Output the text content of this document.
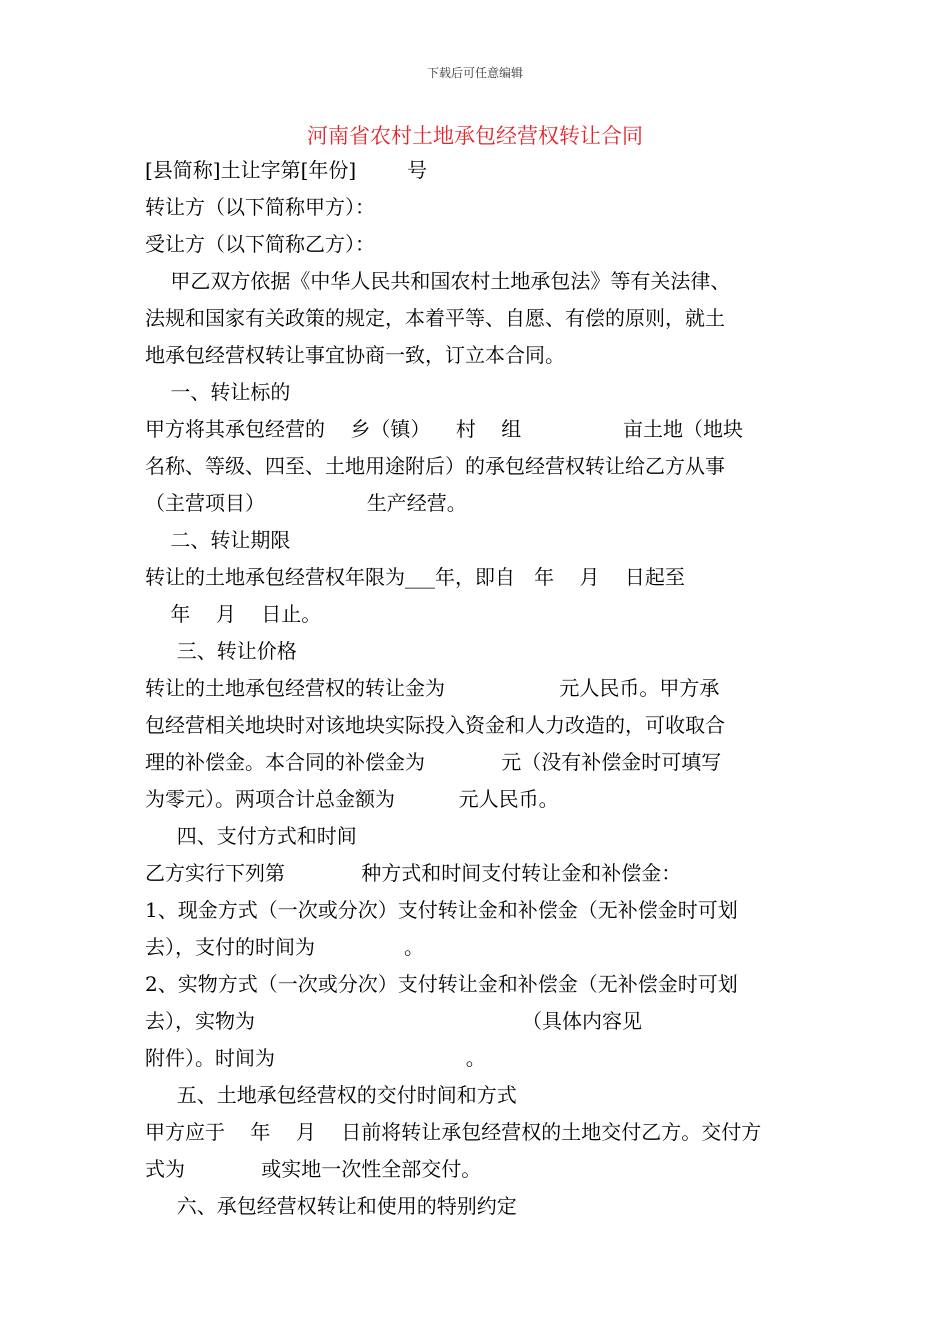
下载后可任意编辑
河南省农村土地承包经营权转让合同
[县简称]土让字第[年份]        号
转让方（以下简称甲方）：
受让方（以下简称乙方）：
甲乙双方依据《中华人民共和国农村土地承包法》等有关法律、
法规和国家有关政策的规定，本着平等、自愿、有偿的原则，就土
地承包经营权转让事宜协商一致，订立本合同。
一、转让标的
甲方将其承包经营的    乡（镇）    村    组                亩土地（地块
名称、等级、四至、土地用途附后）的承包经营权转让给乙方从事
（主营项目）                生产经营。
二、转让期限
转让的土地承包经营权年限为___年，即自   年    月    日起至
年    月    日止。
三、转让价格
转让的土地承包经营权的转让金为                  元人民币。甲方承
包经营相关地块时对该地块实际投入资金和人力改造的，可收取合
理的补偿金。本合同的补偿金为            元（没有补偿金时可填写
为零元）。两项合计总金额为          元人民币。
四、支付方式和时间
乙方实行下列第            种方式和时间支付转让金和补偿金：
1、现金方式（一次或分次）支付转让金和补偿金（无补偿金时可划
去），支付的时间为              。
2、实物方式（一次或分次）支付转让金和补偿金（无补偿金时可划
去），实物为                                          （具体内容见
附件）。时间为                              。
五、土地承包经营权的交付时间和方式
甲方应于    年    月    日前将转让承包经营权的土地交付乙方。交付方
式为            或实地一次性全部交付。
六、承包经营权转让和使用的特别约定
